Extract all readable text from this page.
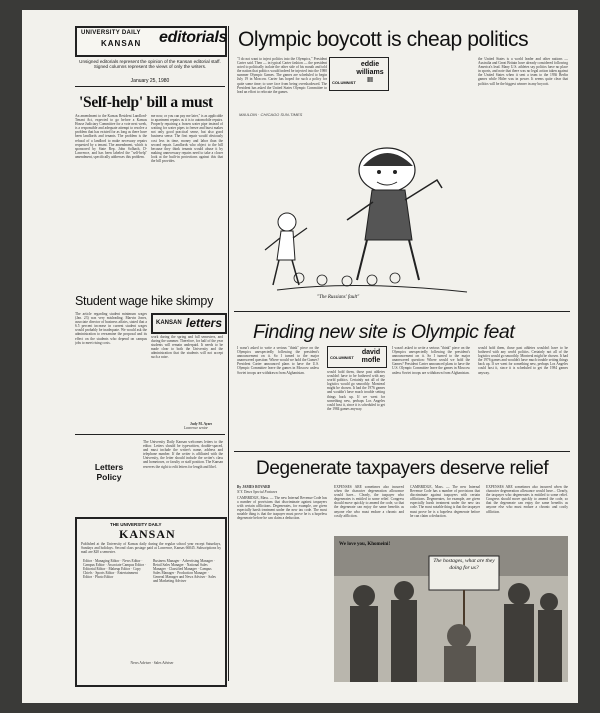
UNIVERSITY DAILY
KANSAN editorials
Unsigned editorials represent the opinion of the Kansan editorial staff. Signed columns represent the views of only the writers.
January 25, 1980
'Self-help' bill a must
An amendment to the Kansas Resident Landlord-Tenant Act, expected to go before a Kansas House Judiciary Committee for a vote next week, is a responsible and adequate attempt to resolve a problem that has existed for as long as there have been landlords and tenants. The problem is the refusal of a landlord to make necessary repairs requested by a tenant. The amendment, which is sponsored by State Rep. John Solbach, D-Lawrence, and has been labeled the "self-help" amendment, specifically addresses this problem.
me now, or you can pay me later," is as applicable to apartment repairs as it is to automobile repairs. Properly repairing a frozen water pipe instead of waiting for water pipes to freeze and burst makes not only good practical sense, but also good business sense. The first repair would obviously cost less in time, money and labor than the second repair. Landlords who object to the bill because they think tenants would abuse it by making unnecessary repairs need to take a closer look at the built-in protections against this that the bill provides.
Student wage hike skimpy
The article regarding student minimum wages (Jan. 23) was very misleading. Marvin Jones, associate director of business affairs, stated that a 6.5 percent increase in current student wages would probably be inadequate. We would ask the administration to reexamine the proposal and its effect on the students who depend on campus jobs to meet rising costs.
KANSAN letters
work during the spring and fall semesters, and during the summer. Therefore, for half of the year students will remain underpaid. It needs to be made clear to both the University and the administration that the students will not accept such a raise.
Judy M. Ayars
Lawrence senior
Letters Policy
The University Daily Kansan welcomes letters to the editor. Letters should be typewritten, double-spaced, and must include the writer's name, address and telephone number. If the writer is affiliated with the University, the letter should include the writer's class and hometown, or faculty or staff position. The Kansan reserves the right to edit letters for length and libel.
THE UNIVERSITY DAILY
KANSAN
Published at the University of Kansas daily during the regular school year except Saturdays, Sundays and holidays. Second class postage paid at Lawrence, Kansas 66045. Subscriptions by mail are $20 a semester.
Editor · Managing Editor · News Editor · Campus Editor · Associate Campus Editor · Editorial Editor · Makeup Editor · Copy Chiefs · Sports Editor · Entertainment Editor · Photo Editor
Business Manager · Advertising Manager · Retail Sales Manager · National Sales Manager · Classified Manager · Campus Sales Manager · Production Manager · General Manager and News Adviser · Sales and Marketing Adviser
News Adviser · Sales Adviser
Olympic boycott is cheap politics
"I do not want to inject politics into the Olympics," President Carter said. Then — in typical Carter fashion — the president acted to politically isolate the other side of his mouth and told the nation that politics would indeed be injected into the 1980 summer Olympic Games. The games are scheduled to begin July 19 in Moscow. Carter has hoped for such a policy for quite some time; to save face from being overshadowed. The President has asked the United States Olympic Committee to lead an effort to relocate the games.
COLUMNIST
eddie williams III
the United States is a world leader and other nations — Australia and Great Britain have already considered following America's lead. Many U.S. athletes say politics have no place in sports, and note that there was no legal action taken against the United States when it sent a team to the 1936 Berlin games while Hitler was in power. It seems quite clear that politics will be the biggest winner in any boycott.
MAULDIN · CHICAGO SUN-TIMES
"The Russians' fault"
Finding new site is Olympic feat
I wasn't asked to write a serious "think" piece on the Olympics unexpectedly following the president's announcement on it. So I turned to the major unanswered question: Where would we hold the Games? President Carter announced plans to have the U.S. Olympic Committee leave the games in Moscow unless Soviet troops are withdrawn from Afghanistan.	would hold them, those past athletes wouldn't have to be bothered with any world politics. Certainly not all of the logistics would go smoothly. Montreal might be chosen. It had the 1976 games and wouldn't have much trouble setting things back up. If we went for something new, perhaps Los Angeles could host it, since it is scheduled to get the 1984 games anyway.
COLUMNIST
david mofle
I wasn't asked to write a serious "think" piece on the Olympics unexpectedly following the president's announcement on it. So I turned to the major unanswered question: Where would we hold the Games? President Carter announced plans to have the U.S. Olympic Committee leave the games in Moscow unless Soviet troops are withdrawn from Afghanistan.
would hold them, those past athletes wouldn't have to be bothered with any world politics. Certainly not all of the logistics would go smoothly. Montreal might be chosen. It had the 1976 games and wouldn't have much trouble setting things back up. If we went for something new, perhaps Los Angeles could host it, since it is scheduled to get the 1984 games anyway.
Degenerate taxpayers deserve relief
By JAMES BOVARD
N.Y. Times Special Features
CAMBRIDGE, Mass. — The new Internal Revenue Code has a number of provisions that discriminate against taxpayers with certain afflictions. Degenerates, for example, are given especially harsh treatment under the new tax code. The most notable thing is that the taxpayer must prove he is a hopeless degenerate before he can claim a deduction.
EXPENSES ARE sometimes also incurred when the character degeneration allowance would have... Clearly, the taxpayer who degenerates is entitled to some relief. Congress should move quickly to amend the code, so that the degenerate can enjoy the same benefits as anyone else who must endure a chronic and costly affliction.
CAMBRIDGE, Mass. — The new Internal Revenue Code has a number of provisions that discriminate against taxpayers with certain afflictions. Degenerates, for example, are given especially harsh treatment under the new tax code. The most notable thing is that the taxpayer must prove he is a hopeless degenerate before he can claim a deduction.
EXPENSES ARE sometimes also incurred when the character degeneration allowance would have... Clearly, the taxpayer who degenerates is entitled to some relief. Congress should move quickly to amend the code, so that the degenerate can enjoy the same benefits as anyone else who must endure a chronic and costly affliction.
The hostages, what are they doing for us?
We love you, Khomeini!
